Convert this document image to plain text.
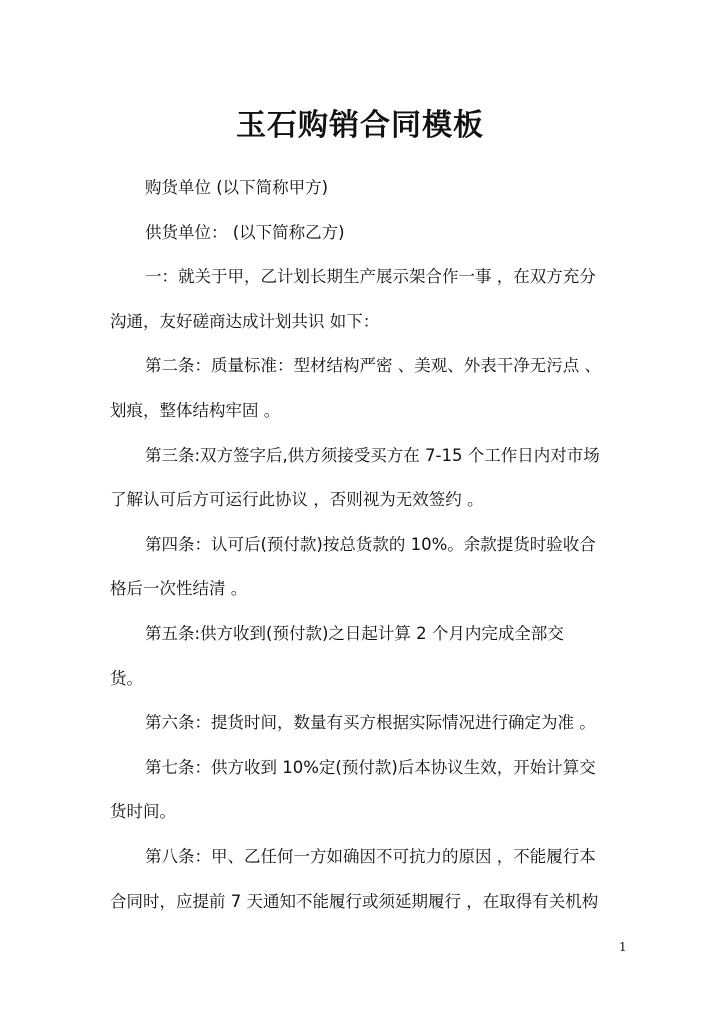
玉石购销合同模板
购货单位 (以下简称甲方)
供货单位： (以下简称乙方)
一：就关于甲，乙计划长期生产展示架合作一事 ，在双方充分
沟通，友好磋商达成计划共识 如下：
第二条：质量标准：型材结构严密 、美观、外表干净无污点 、
划痕，整体结构牢固 。
第三条:双方签字后,供方须接受买方在 7-15 个工作日内对市场
了解认可后方可运行此协议 ，否则视为无效签约 。
第四条：认可后(预付款)按总货款的 10%。余款提货时验收合
格后一次性结清 。
第五条:供方收到(预付款)之日起计算 2 个月内完成全部交
货。
第六条：提货时间，数量有买方根据实际情况进行确定为准 。
第七条：供方收到 10%定(预付款)后本协议生效，开始计算交
货时间。
第八条：甲、乙任何一方如确因不可抗力的原因 ，不能履行本
合同时，应提前 7 天通知不能履行或须延期履行 ，在取得有关机构
1
